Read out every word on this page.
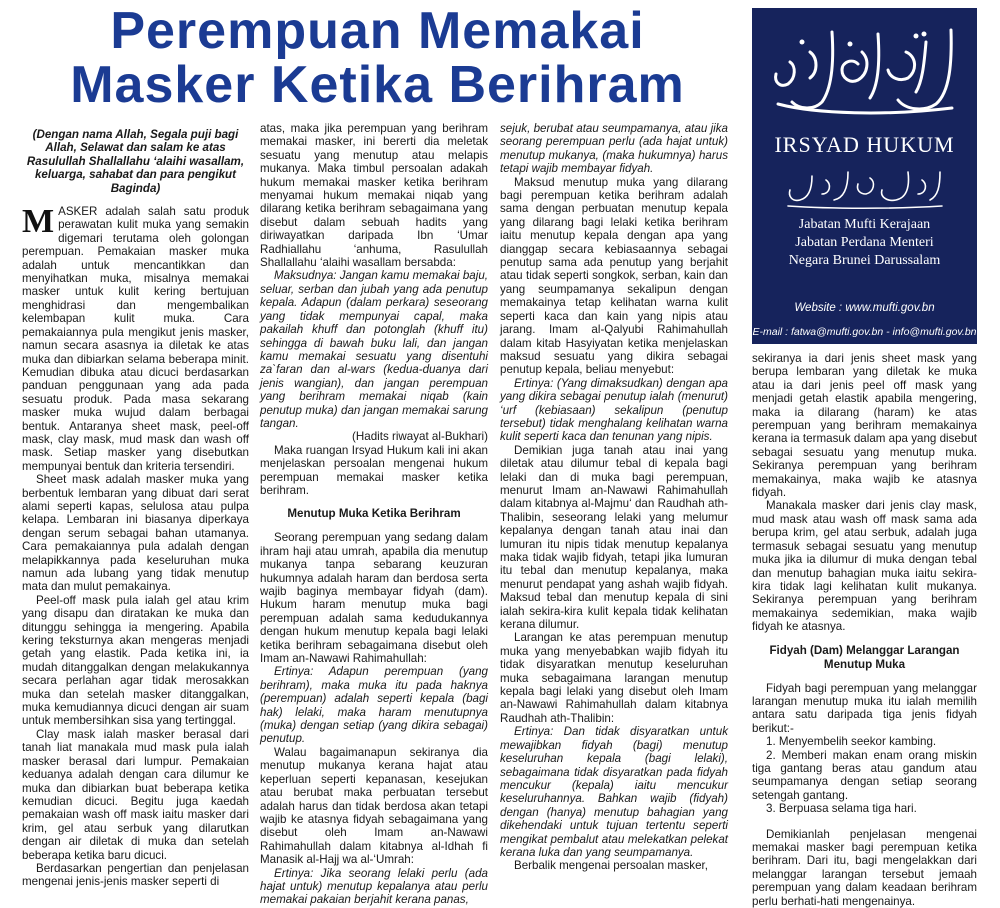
Perempuan Memakai
Masker Ketika Berihram
IRSYAD HUKUM
Jabatan Mufti Kerajaan
Jabatan Perdana Menteri
Negara Brunei Darussalam
Website : www.mufti.gov.bn
E-mail : fatwa@mufti.gov.bn - info@mufti.gov.bn
(Dengan nama Allah, Segala puji bagi Allah, Selawat dan salam ke atas Rasulullah Shallallahu ‘alaihi wasallam, keluarga, sahabat dan para pengikut Baginda)

MASKER adalah salah satu produk perawatan kulit muka yang semakin digemari terutama oleh golongan perempuan. Pemakaian masker muka adalah untuk mencantikkan dan menyihatkan muka, misalnya memakai masker untuk kulit kering bertujuan menghidrasi dan mengembalikan kelembapan kulit muka. Cara pemakaiannya pula mengikut jenis masker, namun secara asasnya ia diletak ke atas muka dan dibiarkan selama beberapa minit. Kemudian dibuka atau dicuci berdasarkan panduan penggunaan yang ada pada sesuatu produk. Pada masa sekarang masker muka wujud dalam berbagai bentuk. Antaranya sheet mask, peel-off mask, clay mask, mud mask dan wash off mask. Setiap masker yang disebutkan mempunyai bentuk dan kriteria tersendiri.

Sheet mask adalah masker muka yang berbentuk lembaran yang dibuat dari serat alami seperti kapas, selulosa atau pulpa kelapa. Lembaran ini biasanya diperkaya dengan serum sebagai bahan utamanya. Cara pemakaiannya pula adalah dengan melapikkannya pada keseluruhan muka namun ada lubang yang tidak menutup mata dan mulut pemakainya.

Peel-off mask pula ialah gel atau krim yang disapu dan diratakan ke muka dan ditunggu sehingga ia mengering. Apabila kering teksturnya akan mengeras menjadi getah yang elastik. Pada ketika ini, ia mudah ditanggalkan dengan melakukannya secara perlahan agar tidak merosakkan muka dan setelah masker ditanggalkan, muka kemudiannya dicuci dengan air suam untuk membersihkan sisa yang tertinggal.

Clay mask ialah masker berasal dari tanah liat manakala mud mask pula ialah masker berasal dari lumpur. Pemakaian keduanya adalah dengan cara dilumur ke muka dan dibiarkan buat beberapa ketika kemudian dicuci. Begitu juga kaedah pemakaian wash off mask iaitu masker dari krim, gel atau serbuk yang dilarutkan dengan air diletak di muka dan setelah beberapa ketika baru dicuci.

Berdasarkan pengertian dan penjelasan mengenai jenis-jenis masker seperti di

atas, maka jika perempuan yang berihram memakai masker, ini bererti dia meletak sesuatu yang menutup atau melapis mukanya. Maka timbul persoalan adakah hukum memakai masker ketika berihram menyamai hukum memakai niqab yang dilarang ketika berihram sebagaimana yang disebut dalam sebuah hadits yang diriwayatkan daripada Ibn ‘Umar Radhiallahu ‘anhuma, Rasulullah Shallallahu ‘alaihi wasallam bersabda:

Maksudnya: Jangan kamu memakai baju, seluar, serban dan jubah yang ada penutup kepala. Adapun (dalam perkara) seseorang yang tidak mempunyai capal, maka pakailah khuff dan potonglah (khuff itu) sehingga di bawah buku lali, dan jangan kamu memakai sesuatu yang disentuhi za`faran dan al-wars (kedua-duanya dari jenis wangian), dan jangan perempuan yang berihram memakai niqab (kain penutup muka) dan jangan memakai sarung tangan.

(Hadits riwayat al-Bukhari)

Maka ruangan Irsyad Hukum kali ini akan menjelaskan persoalan mengenai hukum perempuan memakai masker ketika berihram.

Menutup Muka Ketika Berihram

Seorang perempuan yang sedang dalam ihram haji atau umrah, apabila dia menutup mukanya tanpa sebarang keuzuran hukumnya adalah haram dan berdosa serta wajib baginya membayar fidyah (dam). Hukum haram menutup muka bagi perempuan adalah sama kedudukannya dengan hukum menutup kepala bagi lelaki ketika berihram sebagaimana disebut oleh Imam an-Nawawi Rahimahullah:

Ertinya: Adapun perempuan (yang berihram), maka muka itu pada haknya (perempuan) adalah seperti kepala (bagi hak) lelaki, maka haram menutupnya (muka) dengan setiap (yang dikira sebagai) penutup.

Walau bagaimanapun sekiranya dia menutup mukanya kerana hajat atau keperluan seperti kepanasan, kesejukan atau berubat maka perbuatan tersebut adalah harus dan tidak berdosa akan tetapi wajib ke atasnya fidyah sebagaimana yang disebut oleh Imam an-Nawawi Rahimahullah dalam kitabnya al-Idhah fi Manasik al-Hajj wa al-‘Umrah:

Ertinya: Jika seorang lelaki perlu (ada hajat untuk) menutup kepalanya atau perlu memakai pakaian berjahit kerana panas,

sejuk, berubat atau seumpamanya, atau jika seorang perempuan perlu (ada hajat untuk) menutup mukanya, (maka hukumnya) harus tetapi wajib membayar fidyah.

Maksud menutup muka yang dilarang bagi perempuan ketika berihram adalah sama dengan perbuatan menutup kepala yang dilarang bagi lelaki ketika berihram iaitu menutup kepala dengan apa yang dianggap secara kebiasaannya sebagai penutup sama ada penutup yang berjahit atau tidak seperti songkok, serban, kain dan yang seumpamanya sekalipun dengan memakainya tetap kelihatan warna kulit seperti kaca dan kain yang nipis atau jarang. Imam al-Qalyubi Rahimahullah dalam kitab Hasyiyatan ketika menjelaskan maksud sesuatu yang dikira sebagai penutup kepala, beliau menyebut:

Ertinya: (Yang dimaksudkan) dengan apa yang dikira sebagai penutup ialah (menurut) ‘urf (kebiasaan) sekalipun (penutup tersebut) tidak menghalang kelihatan warna kulit seperti kaca dan tenunan yang nipis.

Demikian juga tanah atau inai yang diletak atau dilumur tebal di kepala bagi lelaki dan di muka bagi perempuan, menurut Imam an-Nawawi Rahimahullah dalam kitabnya al-Majmu‘ dan Raudhah ath-Thalibin, seseorang lelaki yang melumur kepalanya dengan tanah atau inai dan lumuran itu nipis tidak menutup kepalanya maka tidak wajib fidyah, tetapi jika lumuran itu tebal dan menutup kepalanya, maka menurut pendapat yang ashah wajib fidyah. Maksud tebal dan menutup kepala di sini ialah sekira-kira kulit kepala tidak kelihatan kerana dilumur.

Larangan ke atas perempuan menutup muka yang menyebabkan wajib fidyah itu tidak disyaratkan menutup keseluruhan muka sebagaimana larangan menutup kepala bagi lelaki yang disebut oleh Imam an-Nawawi Rahimahullah dalam kitabnya Raudhah ath-Thalibin:

Ertinya: Dan tidak disyaratkan untuk mewajibkan fidyah (bagi) menutup keseluruhan kepala (bagi lelaki), sebagaimana tidak disyaratkan pada fidyah mencukur (kepala) iaitu mencukur keseluruhannya. Bahkan wajib (fidyah) dengan (hanya) menutup bahagian yang dikehendaki untuk tujuan tertentu seperti mengikat pembalut atau melekatkan pelekat kerana luka dan yang seumpamanya.

Berbalik mengenai persoalan masker,

sekiranya ia dari jenis sheet mask yang berupa lembaran yang diletak ke muka atau ia dari jenis peel off mask yang menjadi getah elastik apabila mengering, maka ia dilarang (haram) ke atas perempuan yang berihram memakainya kerana ia termasuk dalam apa yang disebut sebagai sesuatu yang menutup muka. Sekiranya perempuan yang berihram memakainya, maka wajib ke atasnya fidyah.

Manakala masker dari jenis clay mask, mud mask atau wash off mask sama ada berupa krim, gel atau serbuk, adalah juga termasuk sebagai sesuatu yang menutup muka jika ia dilumur di muka dengan tebal dan menutup bahagian muka iaitu sekira-kira tidak lagi kelihatan kulit mukanya. Sekiranya perempuan yang berihram memakainya sedemikian, maka wajib fidyah ke atasnya.

Fidyah (Dam) Melanggar Larangan Menutup Muka

Fidyah bagi perempuan yang melanggar larangan menutup muka itu ialah memilih antara satu daripada tiga jenis fidyah berikut:-

1. Menyembelih seekor kambing.

2. Memberi makan enam orang miskin tiga gantang beras atau gandum atau seumpamanya dengan setiap seorang setengah gantang.

3. Berpuasa selama tiga hari.

Demikianlah penjelasan mengenai memakai masker bagi perempuan ketika berihram. Dari itu, bagi mengelakkan dari melanggar larangan tersebut jemaah perempuan yang dalam keadaan berihram perlu berhati-hati mengenainya.
